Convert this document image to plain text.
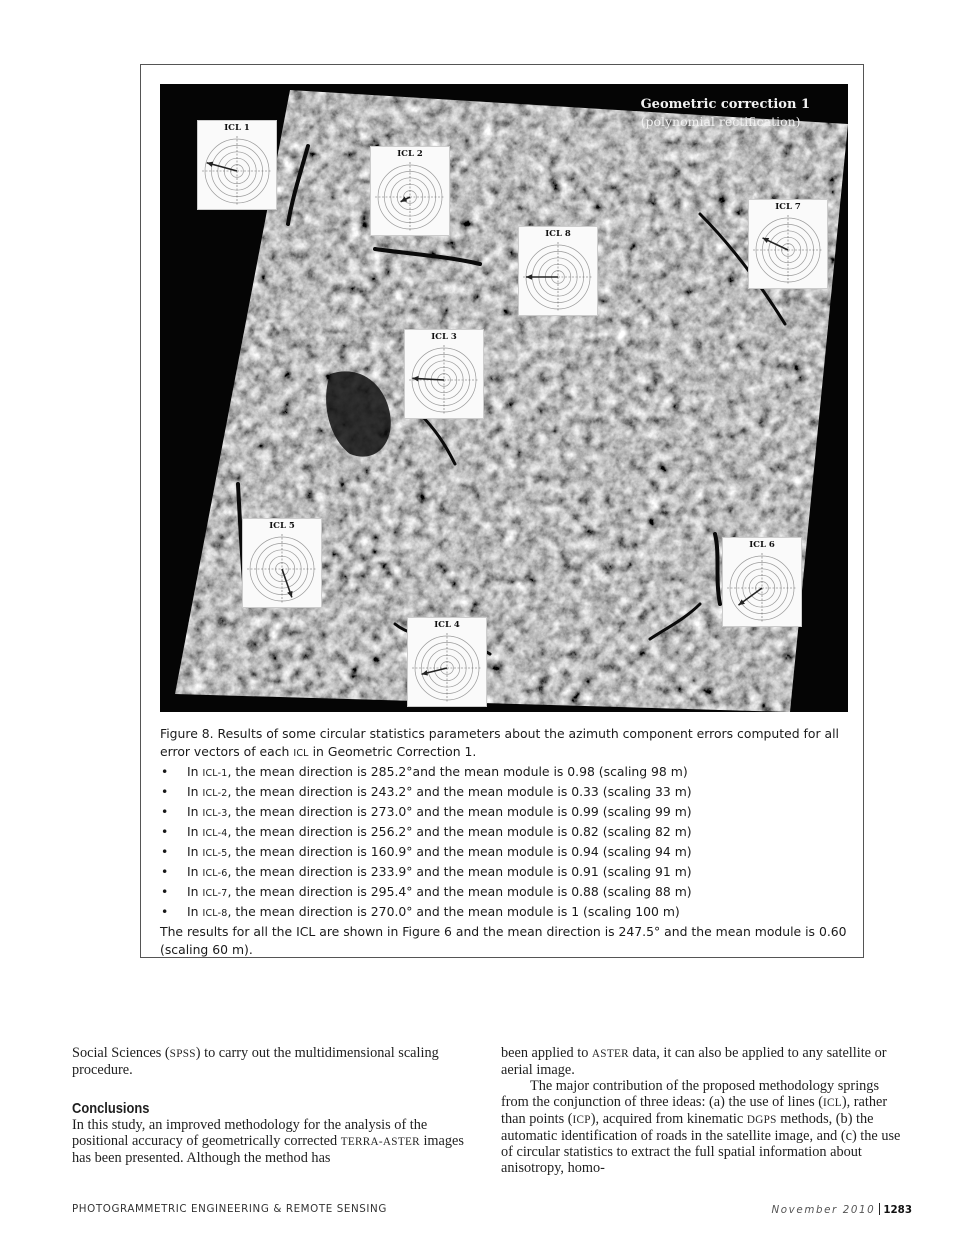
Geometric correction 1
(polynomial rectification)
ICL 1
ICL 2
ICL 3
ICL 4
ICL 5
ICL 6
ICL 7
ICL 8

Figure 8. Results of some circular statistics parameters about the azimuth component errors computed for all error vectors of each ICL in Geometric Correction 1.

• In ICL-1, the mean direction is 285.2°and the mean module is 0.98 (scaling 98 m)
• In ICL-2, the mean direction is 243.2° and the mean module is 0.33 (scaling 33 m)
• In ICL-3, the mean direction is 273.0° and the mean module is 0.99 (scaling 99 m)
• In ICL-4, the mean direction is 256.2° and the mean module is 0.82 (scaling 82 m)
• In ICL-5, the mean direction is 160.9° and the mean module is 0.94 (scaling 94 m)
• In ICL-6, the mean direction is 233.9° and the mean module is 0.91 (scaling 91 m)
• In ICL-7, the mean direction is 295.4° and the mean module is 0.88 (scaling 88 m)
• In ICL-8, the mean direction is 270.0° and the mean module is 1 (scaling 100 m)

The results for all the ICL are shown in Figure 6 and the mean direction is 247.5° and the mean module is 0.60 (scaling 60 m).

Social Sciences (SPSS) to carry out the multidimensional scaling procedure.

Conclusions

In this study, an improved methodology for the analysis of the positional accuracy of geometrically corrected TERRA-ASTER images has been presented. Although the method has

been applied to ASTER data, it can also be applied to any satellite or aerial image.

The major contribution of the proposed methodology springs from the conjunction of three ideas: (a) the use of lines (ICL), rather than points (ICP), acquired from kinematic DGPS methods, (b) the automatic identification of roads in the satellite image, and (c) the use of circular statistics to extract the full spatial information about anisotropy, homo-

PHOTOGRAMMETRIC ENGINEERING & REMOTE SENSING	November 2010 1283
